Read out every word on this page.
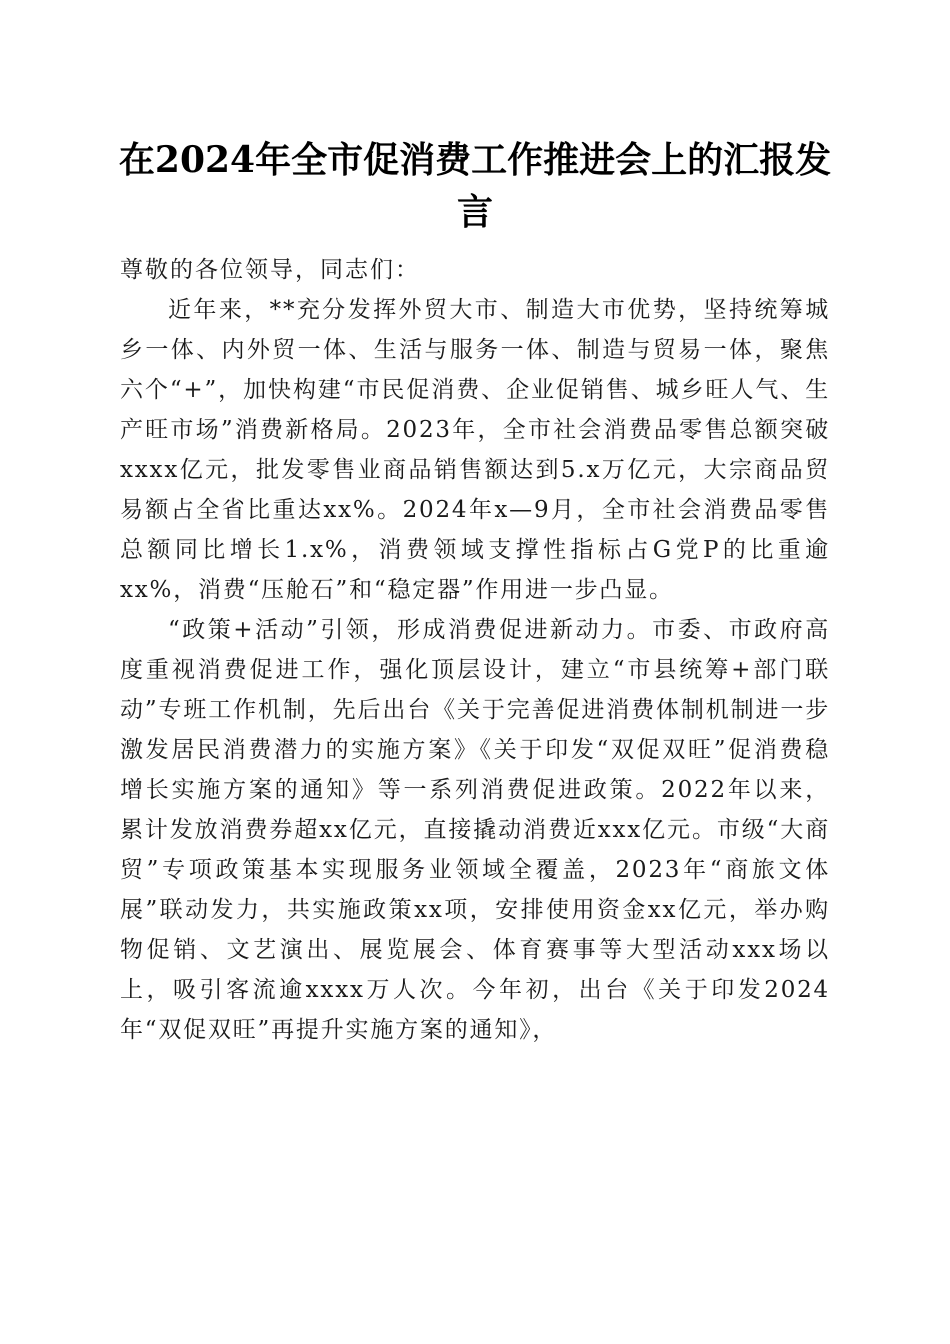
在2024年全市促消费工作推进会上的汇报发言

尊敬的各位领导，同志们：

近年来，**充分发挥外贸大市、制造大市优势，坚持统筹城乡一体、内外贸一体、生活与服务一体、制造与贸易一体，聚焦六个“+”，加快构建“市民促消费、企业促销售、城乡旺人气、生产旺市场”消费新格局。2023年，全市社会消费品零售总额突破xxxx亿元，批发零售业商品销售额达到5.x万亿元，大宗商品贸易额占全省比重达xx%。2024年x—9月，全市社会消费品零售总额同比增长1.x%，消费领域支撑性指标占G党P的比重逾xx%，消费“压舱石”和“稳定器”作用进一步凸显。

“政策+活动”引领，形成消费促进新动力。市委、市政府高度重视消费促进工作，强化顶层设计，建立“市县统筹+部门联动”专班工作机制，先后出台《关于完善促进消费体制机制进一步激发居民消费潜力的实施方案》《关于印发“双促双旺”促消费稳增长实施方案的通知》等一系列消费促进政策。2022年以来，累计发放消费券超xx亿元，直接撬动消费近xxx亿元。市级“大商贸”专项政策基本实现服务业领域全覆盖，2023年“商旅文体展”联动发力，共实施政策xx项，安排使用资金xx亿元，举办购物促销、文艺演出、展览展会、体育赛事等大型活动xxx场以上，吸引客流逾xxxx万人次。今年初，出台《关于印发2024年“双促双旺”再提升实施方案的通知》，
